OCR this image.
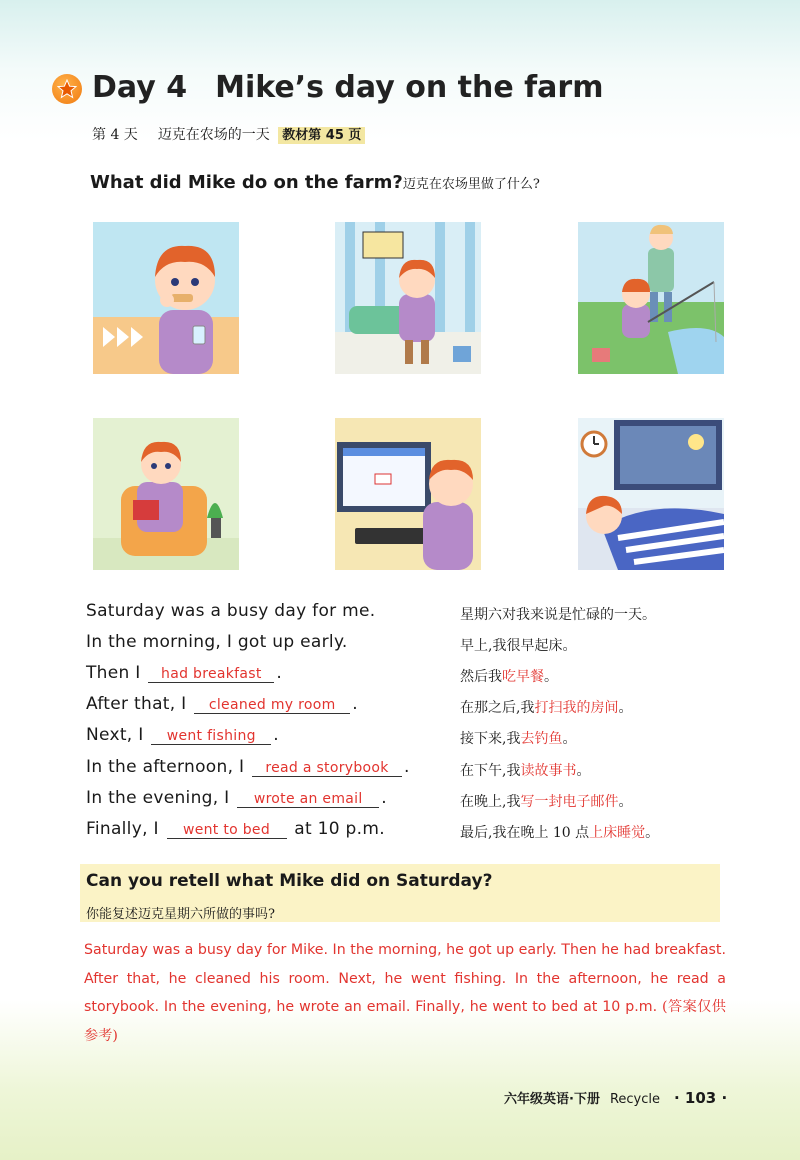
Day 4 Mike’s day on the farm
第 4 天 迈克在农场的一天 教材第 45 页
What did Mike do on the farm?迈克在农场里做了什么?
Saturday was a busy day for me.
In the morning, I got up early.
Then I had breakfast .
After that, I cleaned my room .
Next, I went fishing .
In the afternoon, I read a storybook .
In the evening, I wrote an email .
Finally, I went to bed at 10 p.m.
星期六对我来说是忙碌的一天。
早上,我很早起床。
然后我吃早餐。
在那之后,我打扫我的房间。
接下来,我去钓鱼。
在下午,我读故事书。
在晚上,我写一封电子邮件。
最后,我在晚上 10 点上床睡觉。
Can you retell what Mike did on Saturday?
你能复述迈克星期六所做的事吗?
Saturday was a busy day for Mike. In the morning, he got up early. Then he had breakfast. After that, he cleaned his room. Next, he went fishing. In the afternoon, he read a storybook. In the evening, he wrote an email. Finally, he went to bed at 10 p.m. (答案仅供参考)
六年级英语·下册 Recycle · 103 ·
